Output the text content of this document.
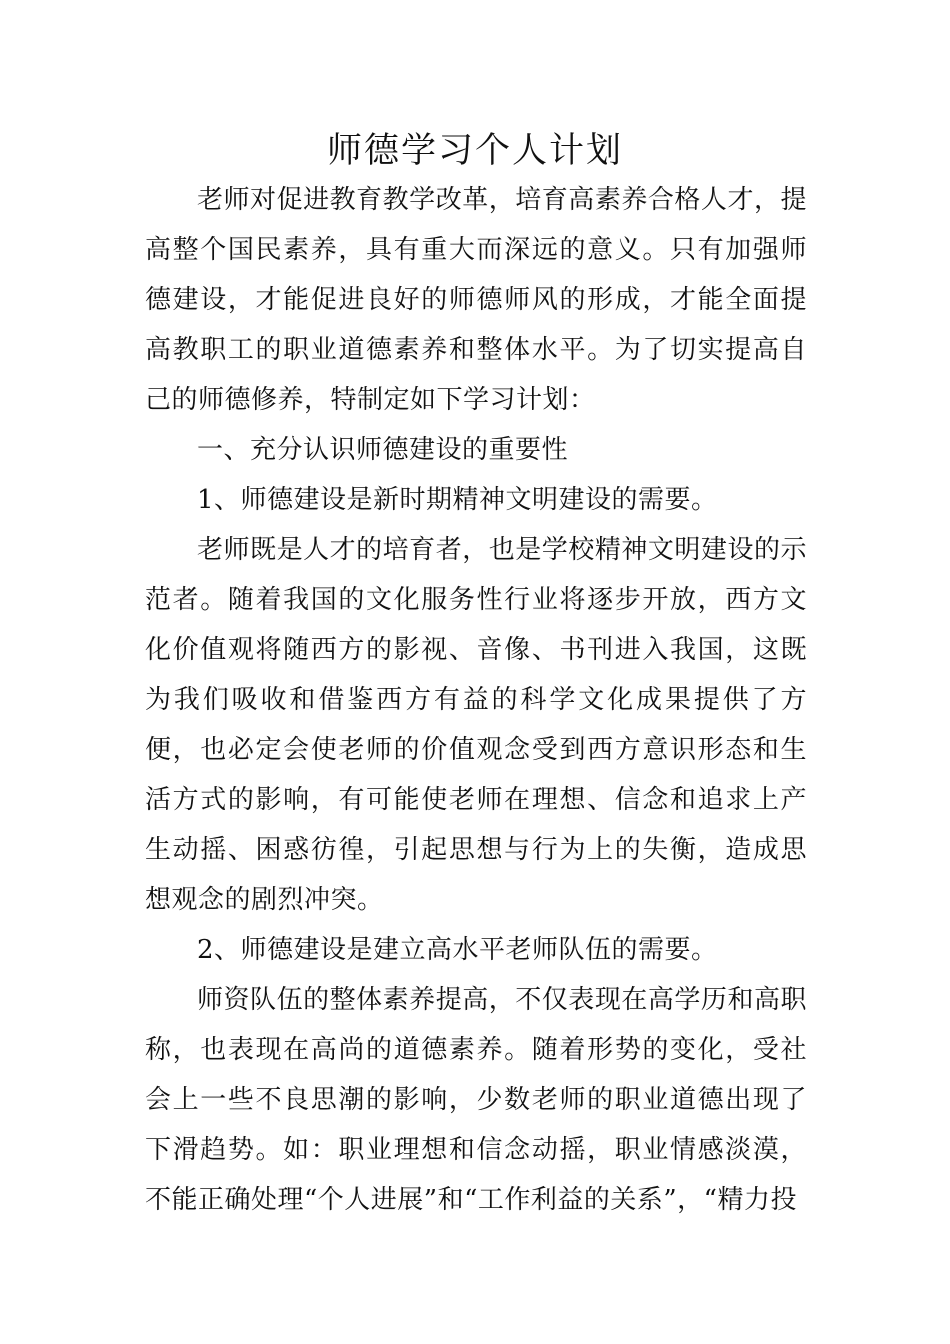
师德学习个人计划

老师对促进教育教学改革，培育高素养合格人才，提高整个国民素养，具有重大而深远的意义。只有加强师德建设，才能促进良好的师德师风的形成，才能全面提高教职工的职业道德素养和整体水平。为了切实提高自己的师德修养，特制定如下学习计划：

一、充分认识师德建设的重要性

1、师德建设是新时期精神文明建设的需要。

老师既是人才的培育者，也是学校精神文明建设的示范者。随着我国的文化服务性行业将逐步开放，西方文化价值观将随西方的影视、音像、书刊进入我国，这既为我们吸收和借鉴西方有益的科学文化成果提供了方便，也必定会使老师的价值观念受到西方意识形态和生活方式的影响，有可能使老师在理想、信念和追求上产生动摇、困惑彷徨，引起思想与行为上的失衡，造成思想观念的剧烈冲突。

2、师德建设是建立高水平老师队伍的需要。

师资队伍的整体素养提高，不仅表现在高学历和高职称，也表现在高尚的道德素养。随着形势的变化，受社会上一些不良思潮的影响，少数老师的职业道德出现了下滑趋势。如：职业理想和信念动摇，职业情感淡漠，不能正确处理“个人进展”和“工作利益的关系”，“精力投
